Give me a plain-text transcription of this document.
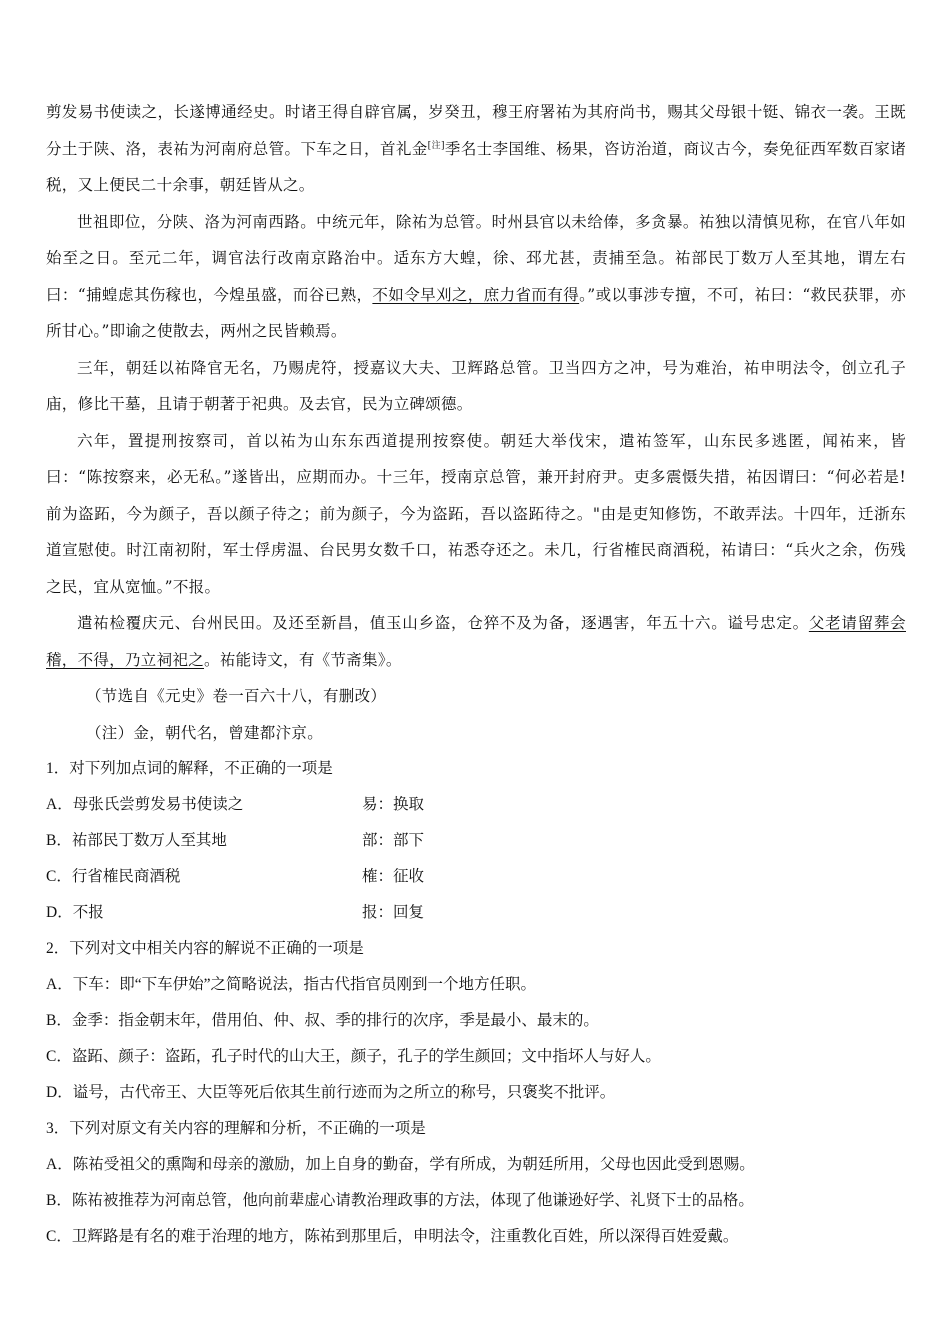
剪发易书使读之，长遂博通经史。时诸王得自辟官属，岁癸丑，穆王府署祐为其府尚书，赐其父母银十铤、锦衣一袭。王既分土于陕、洛，表祐为河南府总管。下车之日，首礼金[注]季名士李国维、杨果，咨访治道，商议古今，奏免征西军数百家诸税，又上便民二十余事，朝廷皆从之。

世祖即位，分陕、洛为河南西路。中统元年，除祐为总管。时州县官以未给俸，多贪暴。祐独以清慎见称，在官八年如始至之日。至元二年，调官法行改南京路治中。适东方大蝗，徐、邳尤甚，责捕至急。祐部民丁数万人至其地，谓左右曰：“捕蝗虑其伤稼也，今煌虽盛，而谷已熟，不如令早刈之，庶力省而有得。”或以事涉专擅，不可，祐曰：“救民获罪，亦所甘心。”即谕之使散去，两州之民皆赖焉。

三年，朝廷以祐降官无名，乃赐虎符，授嘉议大夫、卫辉路总管。卫当四方之冲，号为难治，祐申明法令，创立孔子庙，修比干墓，且请于朝著于祀典。及去官，民为立碑颂德。

六年，置提刑按察司，首以祐为山东东西道提刑按察使。朝廷大举伐宋，遣祐签军，山东民多逃匿，闻祐来，皆曰：“陈按察来，必无私。”遂皆出，应期而办。十三年，授南京总管，兼开封府尹。吏多震慑失措，祐因谓曰：“何必若是!前为盗跖，今为颜子，吾以颜子待之；前为颜子，今为盗跖，吾以盗跖待之。"由是吏知修饬，不敢弄法。十四年，迁浙东道宣慰使。时江南初附，军士俘虏温、台民男女数千口，祐悉夺还之。未几，行省榷民商酒税，祐请曰：“兵火之余，伤残之民，宜从宽恤。”不报。

遣祐检覆庆元、台州民田。及还至新昌，值玉山乡盗，仓猝不及为备，逐遇害，年五十六。谥号忠定。父老请留葬会稽，不得，乃立祠祀之。祐能诗文，有《节斋集》。

（节选自《元史》卷一百六十八，有删改）

（注）金，朝代名，曾建都汴京。

1．对下列加点词的解释，不正确的一项是

A．母张氏尝剪发易书使读之	易：换取
B．祐部民丁数万人至其地	部：部下
C．行省榷民商酒税	榷：征收
D．不报	报：回复

2．下列对文中相关内容的解说不正确的一项是

A．下车：即“下车伊始”之简略说法，指古代指官员刚到一个地方任职。

B．金季：指金朝末年，借用伯、仲、叔、季的排行的次序，季是最小、最末的。

C．盗跖、颜子：盗跖，孔子时代的山大王，颜子，孔子的学生颜回；文中指坏人与好人。

D．谥号，古代帝王、大臣等死后依其生前行迹而为之所立的称号，只褒奖不批评。

3．下列对原文有关内容的理解和分析，不正确的一项是

A．陈祐受祖父的熏陶和母亲的激励，加上自身的勤奋，学有所成，为朝廷所用，父母也因此受到恩赐。

B．陈祐被推荐为河南总管，他向前辈虚心请教治理政事的方法，体现了他谦逊好学、礼贤下士的品格。

C．卫辉路是有名的难于治理的地方，陈祐到那里后，申明法令，注重教化百姓，所以深得百姓爱戴。
